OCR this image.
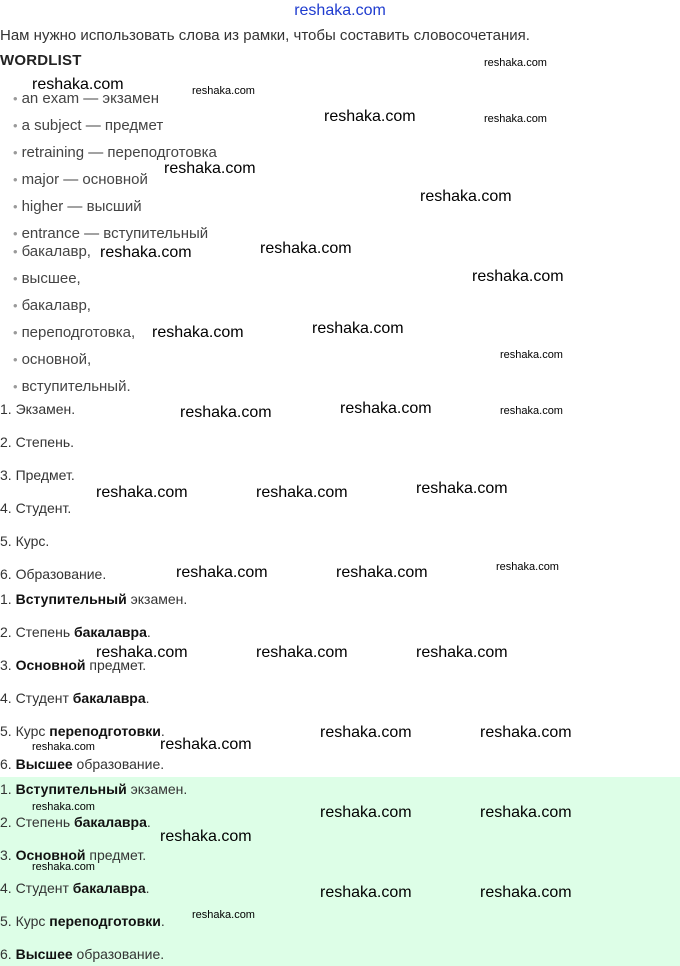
reshaka.com
Нам нужно использовать слова из рамки, чтобы составить словосочетания.
WORDLIST
• an exam — экзамен
• a subject — предмет
• retraining — переподготовка
• major — основной
• higher — высший
• entrance — вступительный
• бакалавр,
• высшее,
• бакалавр,
• переподготовка,
• основной,
• вступительный.
1. Экзамен.
2. Степень.
3. Предмет.
4. Студент.
5. Курс.
6. Образование.
1. Вступительный экзамен.
2. Степень бакалавра.
3. Основной предмет.
4. Студент бакалавра.
5. Курс переподготовки.
6. Высшее образование.
1. Вступительный экзамен.
2. Степень бакалавра.
3. Основной предмет.
4. Студент бакалавра.
5. Курс переподготовки.
6. Высшее образование.
reshaka.com	reshaka.com
reshaka.com
reshaka.com	reshaka.com
reshaka.com
reshaka.com
reshaka.com	reshaka.com
reshaka.com
reshaka.com	reshaka.com
reshaka.com
reshaka.com	reshaka.com	reshaka.com
reshaka.com	reshaka.com	reshaka.com
reshaka.com	reshaka.com	reshaka.com
reshaka.com	reshaka.com	reshaka.com
reshaka.com	reshaka.com
reshaka.com	reshaka.com
reshaka.com	reshaka.com	reshaka.com
reshaka.com
reshaka.com
reshaka.com	reshaka.com
reshaka.com
